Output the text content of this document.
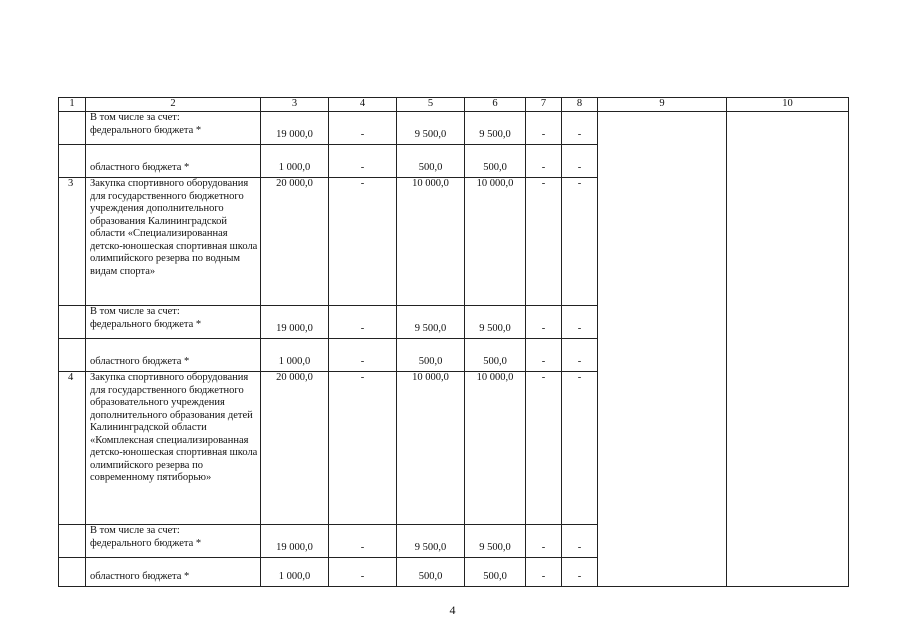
1	2	3	4	5	6	7	8	9	10

	В том числе за счет:
федерального бюджета *	19 000,0	-	9 500,0	9 500,0	-	-		
	областного бюджета *	1 000,0	-	500,0	500,0	-	-		
3	Закупка спортивного оборудования для государственного бюджетного учреждения дополнительного образования Калининградской области «Специализированная детско-юношеская спортивная школа олимпийского резерва по водным видам спорта»	20 000,0	-	10 000,0	10 000,0	-	-		

	В том числе за счет:
федерального бюджета *	19 000,0	-	9 500,0	9 500,0	-	-		
	областного бюджета *	1 000,0	-	500,0	500,0	-	-		
4	Закупка спортивного оборудования для государственного бюджетного образовательного учреждения дополнительного образования детей Калининградской области «Комплексная специализированная детско-юношеская спортивная школа олимпийского резерва по современному пятиборью»	20 000,0	-	10 000,0	10 000,0	-	-		

	В том числе за счет:
федерального бюджета *	19 000,0	-	9 500,0	9 500,0	-	-		
	областного бюджета *	1 000,0	-	500,0	500,0	-	-		
4
